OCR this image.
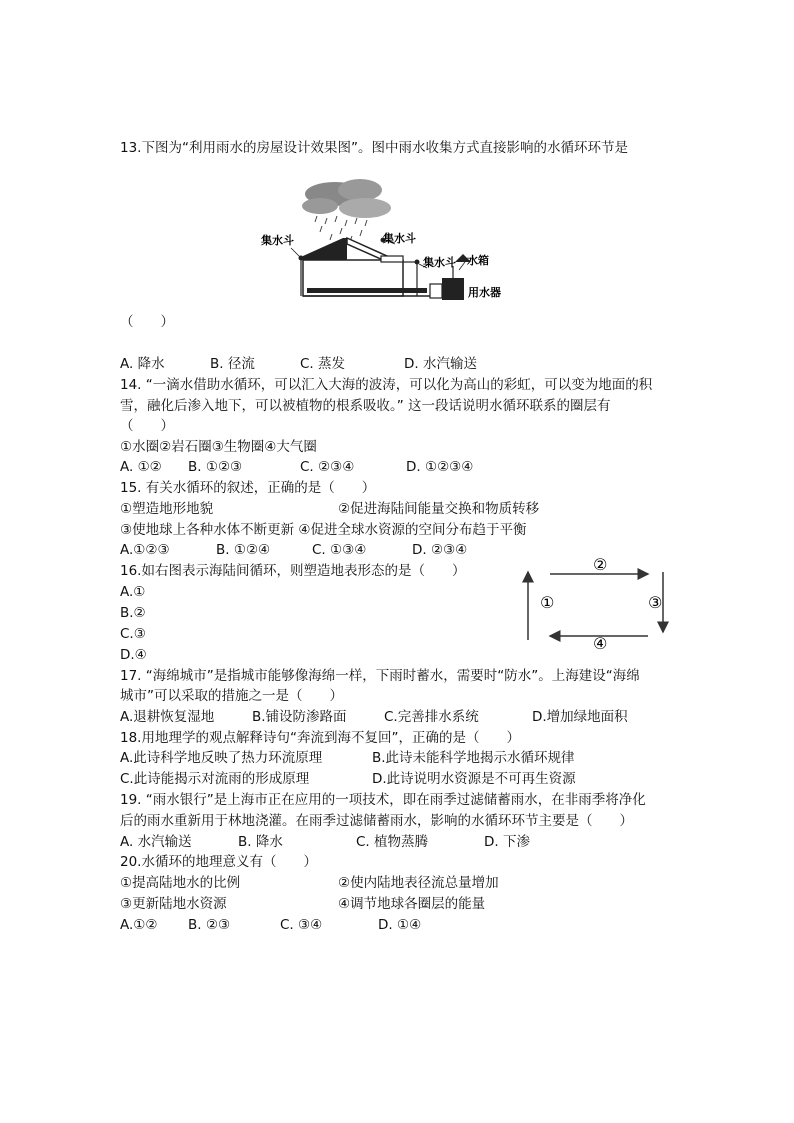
13.下图为“利用雨水的房屋设计效果图”。图中雨水收集方式直接影响的水循环环节是
集水斗	集水斗
集水斗 水箱
用水器
（　　）
A. 降水	B. 径流	C. 蒸发	D. 水汽输送
14. “一滴水借助水循环，可以汇入大海的波涛，可以化为高山的彩虹，可以变为地面的积
雪，融化后渗入地下，可以被植物的根系吸收。” 这一段话说明水循环联系的圈层有
（　　）
①水圈②岩石圈③生物圈④大气圈
A. ①② B. ①②③	C. ②③④	D. ①②③④
15. 有关水循环的叙述，正确的是（　　）
①塑造地形地貌	②促进海陆间能量交换和物质转移
③使地球上各种水体不断更新 ④促进全球水资源的空间分布趋于平衡
A.①②③	B. ①②④	C. ①③④	D. ②③④
16.如右图表示海陆间循环，则塑造地表形态的是（　　）
A.①
B.②
C.③
D.④
①
②
③
④
17. “海绵城市”是指城市能够像海绵一样，下雨时蓄水，需要时“防水”。上海建设“海绵
城市”可以采取的措施之一是（　　）
A.退耕恢复湿地	B.铺设防渗路面	C.完善排水系统	D.增加绿地面积
18.用地理学的观点解释诗句“奔流到海不复回”，正确的是（　　）
A.此诗科学地反映了热力环流原理	B.此诗未能科学地揭示水循环规律
C.此诗能揭示对流雨的形成原理	D.此诗说明水资源是不可再生资源
19. “雨水银行”是上海市正在应用的一项技术，即在雨季过滤储蓄雨水，在非雨季将净化
后的雨水重新用于林地浇灌。在雨季过滤储蓄雨水，影响的水循环环节主要是（　　）
A. 水汽输送	B. 降水	C. 植物蒸腾	D. 下渗
20.水循环的地理意义有（　　）
①提高陆地水的比例	②使内陆地表径流总量增加
③更新陆地水资源	④调节地球各圈层的能量
A.①② B. ②③	C. ③④	D. ①④
